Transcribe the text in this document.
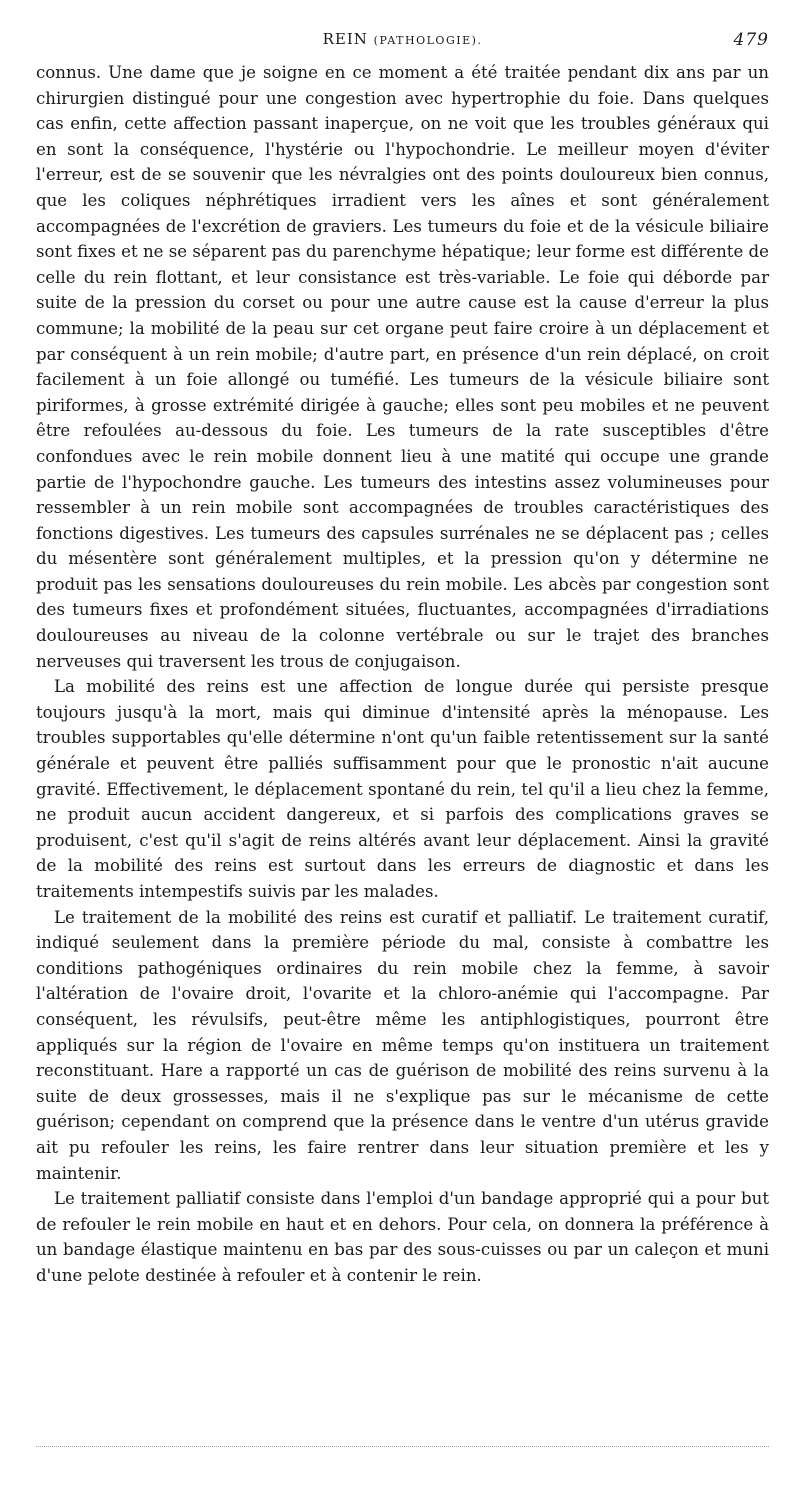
REIN (PATHOLOGIE).	479

connus. Une dame que je soigne en ce moment a été traitée pendant dix ans par un chirurgien distingué pour une congestion avec hypertrophie du foie. Dans quelques cas enfin, cette affection passant inaperçue, on ne voit que les troubles généraux qui en sont la conséquence, l'hystérie ou l'hypochondrie. Le meilleur moyen d'éviter l'erreur, est de se souvenir que les névralgies ont des points douloureux bien connus, que les coliques néphrétiques irradient vers les aînes et sont généralement accompagnées de l'excrétion de graviers. Les tumeurs du foie et de la vésicule biliaire sont fixes et ne se séparent pas du parenchyme hépatique; leur forme est différente de celle du rein flottant, et leur consistance est très-variable. Le foie qui déborde par suite de la pression du corset ou pour une autre cause est la cause d'erreur la plus commune; la mobilité de la peau sur cet organe peut faire croire à un déplacement et par conséquent à un rein mobile; d'autre part, en présence d'un rein déplacé, on croit facilement à un foie allongé ou tuméfié. Les tumeurs de la vésicule biliaire sont piriformes, à grosse extrémité dirigée à gauche; elles sont peu mobiles et ne peuvent être refoulées au-dessous du foie. Les tumeurs de la rate susceptibles d'être confondues avec le rein mobile donnent lieu à une matité qui occupe une grande partie de l'hypochondre gauche. Les tumeurs des intestins assez volumineuses pour ressembler à un rein mobile sont accompagnées de troubles caractéristiques des fonctions digestives. Les tumeurs des capsules surrénales ne se déplacent pas ; celles du mésentère sont généralement multiples, et la pression qu'on y détermine ne produit pas les sensations douloureuses du rein mobile. Les abcès par congestion sont des tumeurs fixes et profondément situées, fluctuantes, accompagnées d'irradiations douloureuses au niveau de la colonne vertébrale ou sur le trajet des branches nerveuses qui traversent les trous de conjugaison.

La mobilité des reins est une affection de longue durée qui persiste presque toujours jusqu'à la mort, mais qui diminue d'intensité après la ménopause. Les troubles supportables qu'elle détermine n'ont qu'un faible retentissement sur la santé générale et peuvent être palliés suffisamment pour que le pronostic n'ait aucune gravité. Effectivement, le déplacement spontané du rein, tel qu'il a lieu chez la femme, ne produit aucun accident dangereux, et si parfois des complications graves se produisent, c'est qu'il s'agit de reins altérés avant leur déplacement. Ainsi la gravité de la mobilité des reins est surtout dans les erreurs de diagnostic et dans les traitements intempestifs suivis par les malades.

Le traitement de la mobilité des reins est curatif et palliatif. Le traitement curatif, indiqué seulement dans la première période du mal, consiste à combattre les conditions pathogéniques ordinaires du rein mobile chez la femme, à savoir l'altération de l'ovaire droit, l'ovarite et la chloro-anémie qui l'accompagne. Par conséquent, les révulsifs, peut-être même les antiphlogistiques, pourront être appliqués sur la région de l'ovaire en même temps qu'on instituera un traitement reconstituant. Hare a rapporté un cas de guérison de mobilité des reins survenu à la suite de deux grossesses, mais il ne s'explique pas sur le mécanisme de cette guérison; cependant on comprend que la présence dans le ventre d'un utérus gravide ait pu refouler les reins, les faire rentrer dans leur situation première et les y maintenir.

Le traitement palliatif consiste dans l'emploi d'un bandage approprié qui a pour but de refouler le rein mobile en haut et en dehors. Pour cela, on donnera la préférence à un bandage élastique maintenu en bas par des sous-cuisses ou par un caleçon et muni d'une pelote destinée à refouler et à contenir le rein.
